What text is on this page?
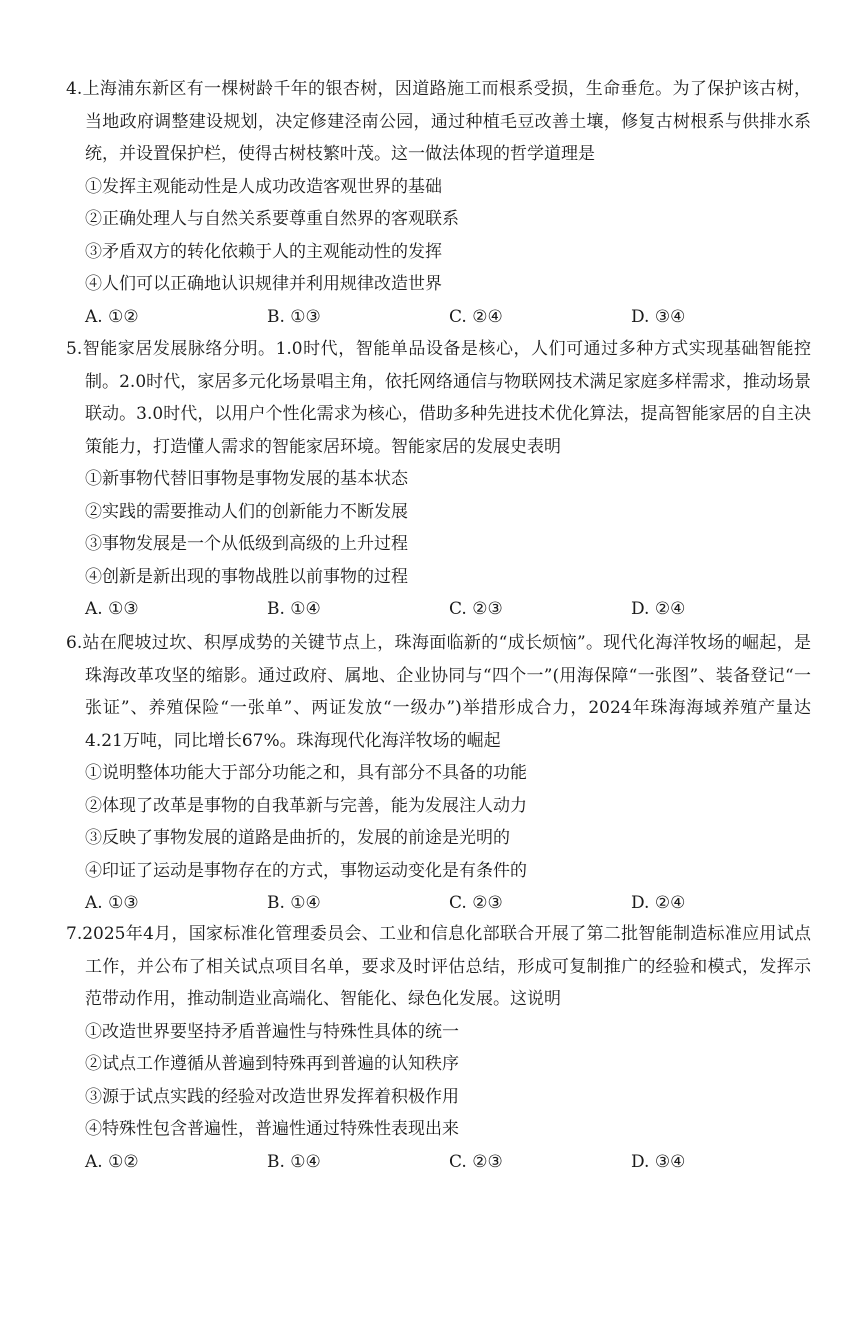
4.上海浦东新区有一棵树龄千年的银杏树，因道路施工而根系受损，生命垂危。为了保护该古树，当地政府调整建设规划，决定修建泾南公园，通过种植毛豆改善土壤，修复古树根系与供排水系统，并设置保护栏，使得古树枝繁叶茂。这一做法体现的哲学道理是

①发挥主观能动性是人成功改造客观世界的基础
②正确处理人与自然关系要尊重自然界的客观联系
③矛盾双方的转化依赖于人的主观能动性的发挥
④人们可以正确地认识规律并利用规律改造世界
A. ①②	B. ①③	C. ②④	D. ③④

5.智能家居发展脉络分明。1.0时代，智能单品设备是核心，人们可通过多种方式实现基础智能控制。2.0时代，家居多元化场景唱主角，依托网络通信与物联网技术满足家庭多样需求，推动场景联动。3.0时代，以用户个性化需求为核心，借助多种先进技术优化算法，提高智能家居的自主决策能力，打造懂人需求的智能家居环境。智能家居的发展史表明

①新事物代替旧事物是事物发展的基本状态
②实践的需要推动人们的创新能力不断发展
③事物发展是一个从低级到高级的上升过程
④创新是新出现的事物战胜以前事物的过程
A. ①③	B. ①④	C. ②③	D. ②④

6.站在爬坡过坎、积厚成势的关键节点上，珠海面临新的“成长烦恼”。现代化海洋牧场的崛起，是珠海改革攻坚的缩影。通过政府、属地、企业协同与“四个一”(用海保障“一张图”、装备登记“一张证”、养殖保险“一张单”、两证发放“一级办”)举措形成合力，2024年珠海海域养殖产量达4.21万吨，同比增长67%。珠海现代化海洋牧场的崛起

①说明整体功能大于部分功能之和，具有部分不具备的功能
②体现了改革是事物的自我革新与完善，能为发展注人动力
③反映了事物发展的道路是曲折的，发展的前途是光明的
④印证了运动是事物存在的方式，事物运动变化是有条件的
A. ①③	B. ①④	C. ②③	D. ②④

7.2025年4月，国家标准化管理委员会、工业和信息化部联合开展了第二批智能制造标准应用试点工作，并公布了相关试点项目名单，要求及时评估总结，形成可复制推广的经验和模式，发挥示范带动作用，推动制造业高端化、智能化、绿色化发展。这说明

①改造世界要坚持矛盾普遍性与特殊性具体的统一
②试点工作遵循从普遍到特殊再到普遍的认知秩序
③源于试点实践的经验对改造世界发挥着积极作用
④特殊性包含普遍性，普遍性通过特殊性表现出来
A. ①②	B. ①④	C. ②③	D. ③④
